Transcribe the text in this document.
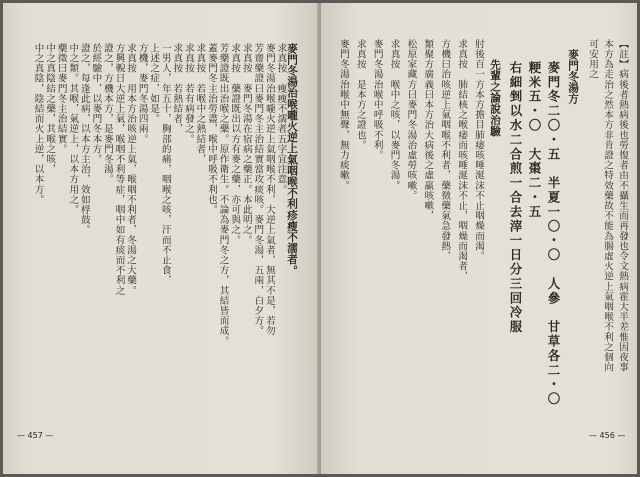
麥門冬湯治喉嚨火逆上氣咽喉不利疹瘦不濡者。
求真按　瘦瘦不濡者五字宜注意。
麥門冬湯治喉嚨火逆上氣咽喉不利，大逆上氣者，無其不是，若勿
芳齋藥證曰麥門冬主治結實當攻痰咳。麥門冬湯，五兩，白夕方。
求真按　麥門冬湯在宿病之藥正。本此明之。
求真按　藥證既出以方有麥之藥，亦可與之。
芳藥證既出治喉之藥。原作衛生。不論為麥門冬之方，其結皆而成。
蓋麥門冬主治勞盡，喉中呼吸不利也。
求真按　若喉中之熱結者，
求真按　若有病發之。
求真按　若熱結者，
一男人，年五十，胸部的痛，咽喉之咳，汗而不止食，
上述之症，如是。
方機，麥門冬湯四兩。
求真按　用本方治咳逆上氣，喉咽不利者，冬湯之大藥。
方興輗日大逆上氣，喉咽不利等症，咽中如有痰而不利之
證之，方機本方，是麥門冬湯。
於經驗中，以麥門冬本方。
證之，每逢此病，以本方主治，效如桴鼓。
中之類。其喉，氣逆上，以本方用之。
藥徵曰麥門冬主治結實。
中之真陰結之藥，其喉之咳，
中之真陰，陰結而火上逆，以本方。
— 457 —
【註】病後者熱病後也勞復者由不攝生而再發也令文熱病霍大半差惟因夜事
本方為走治之然本方非肯證之特效藥故不能為腸虛火逆上氣咽喉不利之個向
可安用之
麥門冬湯方
麥門冬二〇・五　半夏一〇・〇　人參　甘草各二・〇
粳米五・〇　大棗二・五
右細剉以水二合煎一合去滓一日分三回冷服
先輩之論說治驗
肘後百一方本方擔目肺痿咳唾涎沫不止咽燥而渴。
求真按　肺結核之喉痿而咳唾涎沫不止，咽燥而渴者，
方機曰治咳逆上氣咽喉不利者，藥徵藥氣急發熱，
類聚方廣義曰本方治大病後之虛羸咳嗽，
松原家藏方曰麥門冬湯治虛勞咳嗽。
求真按　喉中之咳，以麥門冬湯。
麥門冬湯治喉中呼吸不利。
求真按　是本方之證也。
麥門冬湯治喉中無聲，無力痰嗽。
— 456 —
